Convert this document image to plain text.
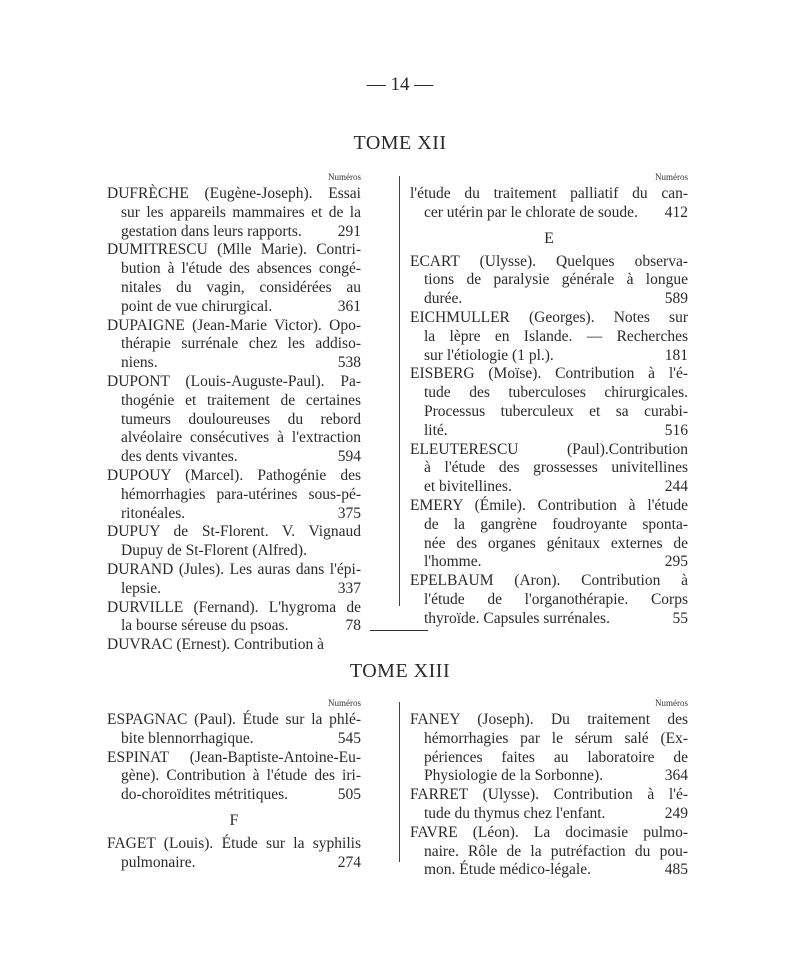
— 14 —
TOME XII
Numéros
DUFRÈCHE (Eugène-Joseph). Essai
sur les appareils mammaires et de la
gestation dans leurs rapports.	291
DUMITRESCU (Mlle Marie). Contri-
bution à l'étude des absences congé-
nitales du vagin, considérées au
point de vue chirurgical.	361
DUPAIGNE (Jean-Marie Victor). Opo-
thérapie surrénale chez les addiso-
niens.	538
DUPONT (Louis-Auguste-Paul). Pa-
thogénie et traitement de certaines
tumeurs douloureuses du rebord
alvéolaire consécutives à l'extraction
des dents vivantes.	594
DUPOUY (Marcel). Pathogénie des
hémorrhagies para-utérines sous-pé-
ritonéales.	375
DUPUY de St-Florent. V. Vignaud
Dupuy de St-Florent (Alfred).
DURAND (Jules). Les auras dans l'épi-
lepsie.	337
DURVILLE (Fernand). L'hygroma de
la bourse séreuse du psoas.	78
DUVRAC (Ernest). Contribution à
Numéros
l'étude du traitement palliatif du can-
cer utérin par le chlorate de soude.	412
E
ECART (Ulysse). Quelques observa-
tions de paralysie générale à longue
durée.	589
EICHMULLER (Georges). Notes sur
la lèpre en Islande. — Recherches
sur l'étiologie (1 pl.).	181
EISBERG (Moïse). Contribution à l'é-
tude des tuberculoses chirurgicales.
Processus tuberculeux et sa curabi-
lité.	516
ELEUTERESCU (Paul).Contribution
à l'étude des grossesses univitellines
et bivitellines.	244
EMERY (Émile). Contribution à l'étude
de la gangrène foudroyante sponta-
née des organes génitaux externes de
l'homme.	295
EPELBAUM (Aron). Contribution à
l'étude de l'organothérapie. Corps
thyroïde. Capsules surrénales.	55
TOME XIII
Numéros
ESPAGNAC (Paul). Étude sur la phlé-
bite blennorrhagique.	545
ESPINAT (Jean-Baptiste-Antoine-Eu-
gène). Contribution à l'étude des iri-
do-choroïdites métritiques.	505
F
FAGET (Louis). Étude sur la syphilis
pulmonaire.	274
Numéros
FANEY (Joseph). Du traitement des
hémorrhagies par le sérum salé (Ex-
périences faites au laboratoire de
Physiologie de la Sorbonne).	364
FARRET (Ulysse). Contribution à l'é-
tude du thymus chez l'enfant.	249
FAVRE (Léon). La docimasie pulmo-
naire. Rôle de la putréfaction du pou-
mon. Étude médico-légale.	485
